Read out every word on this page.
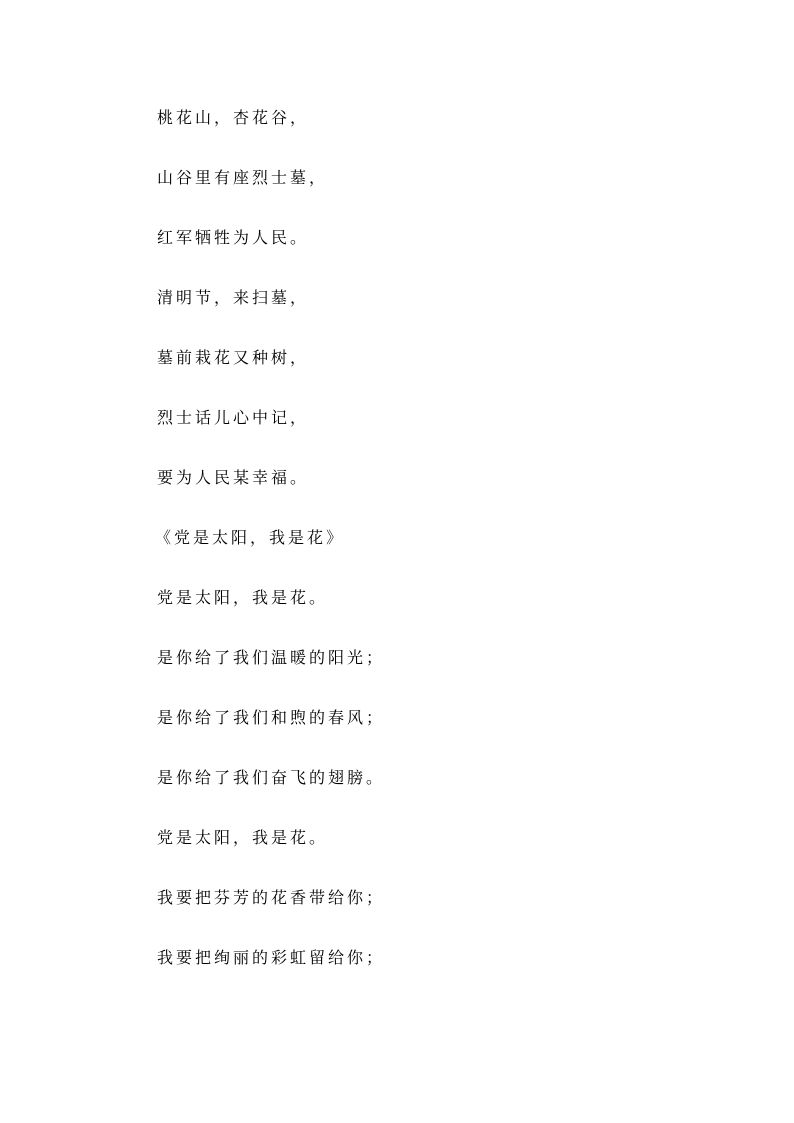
桃花山，杏花谷，
山谷里有座烈士墓，
红军牺牲为人民。
清明节，来扫墓，
墓前栽花又种树，
烈士话儿心中记，
要为人民某幸福。
《党是太阳，我是花》
党是太阳，我是花。
是你给了我们温暖的阳光；
是你给了我们和煦的春风；
是你给了我们奋飞的翅膀。
党是太阳，我是花。
我要把芬芳的花香带给你；
我要把绚丽的彩虹留给你；
